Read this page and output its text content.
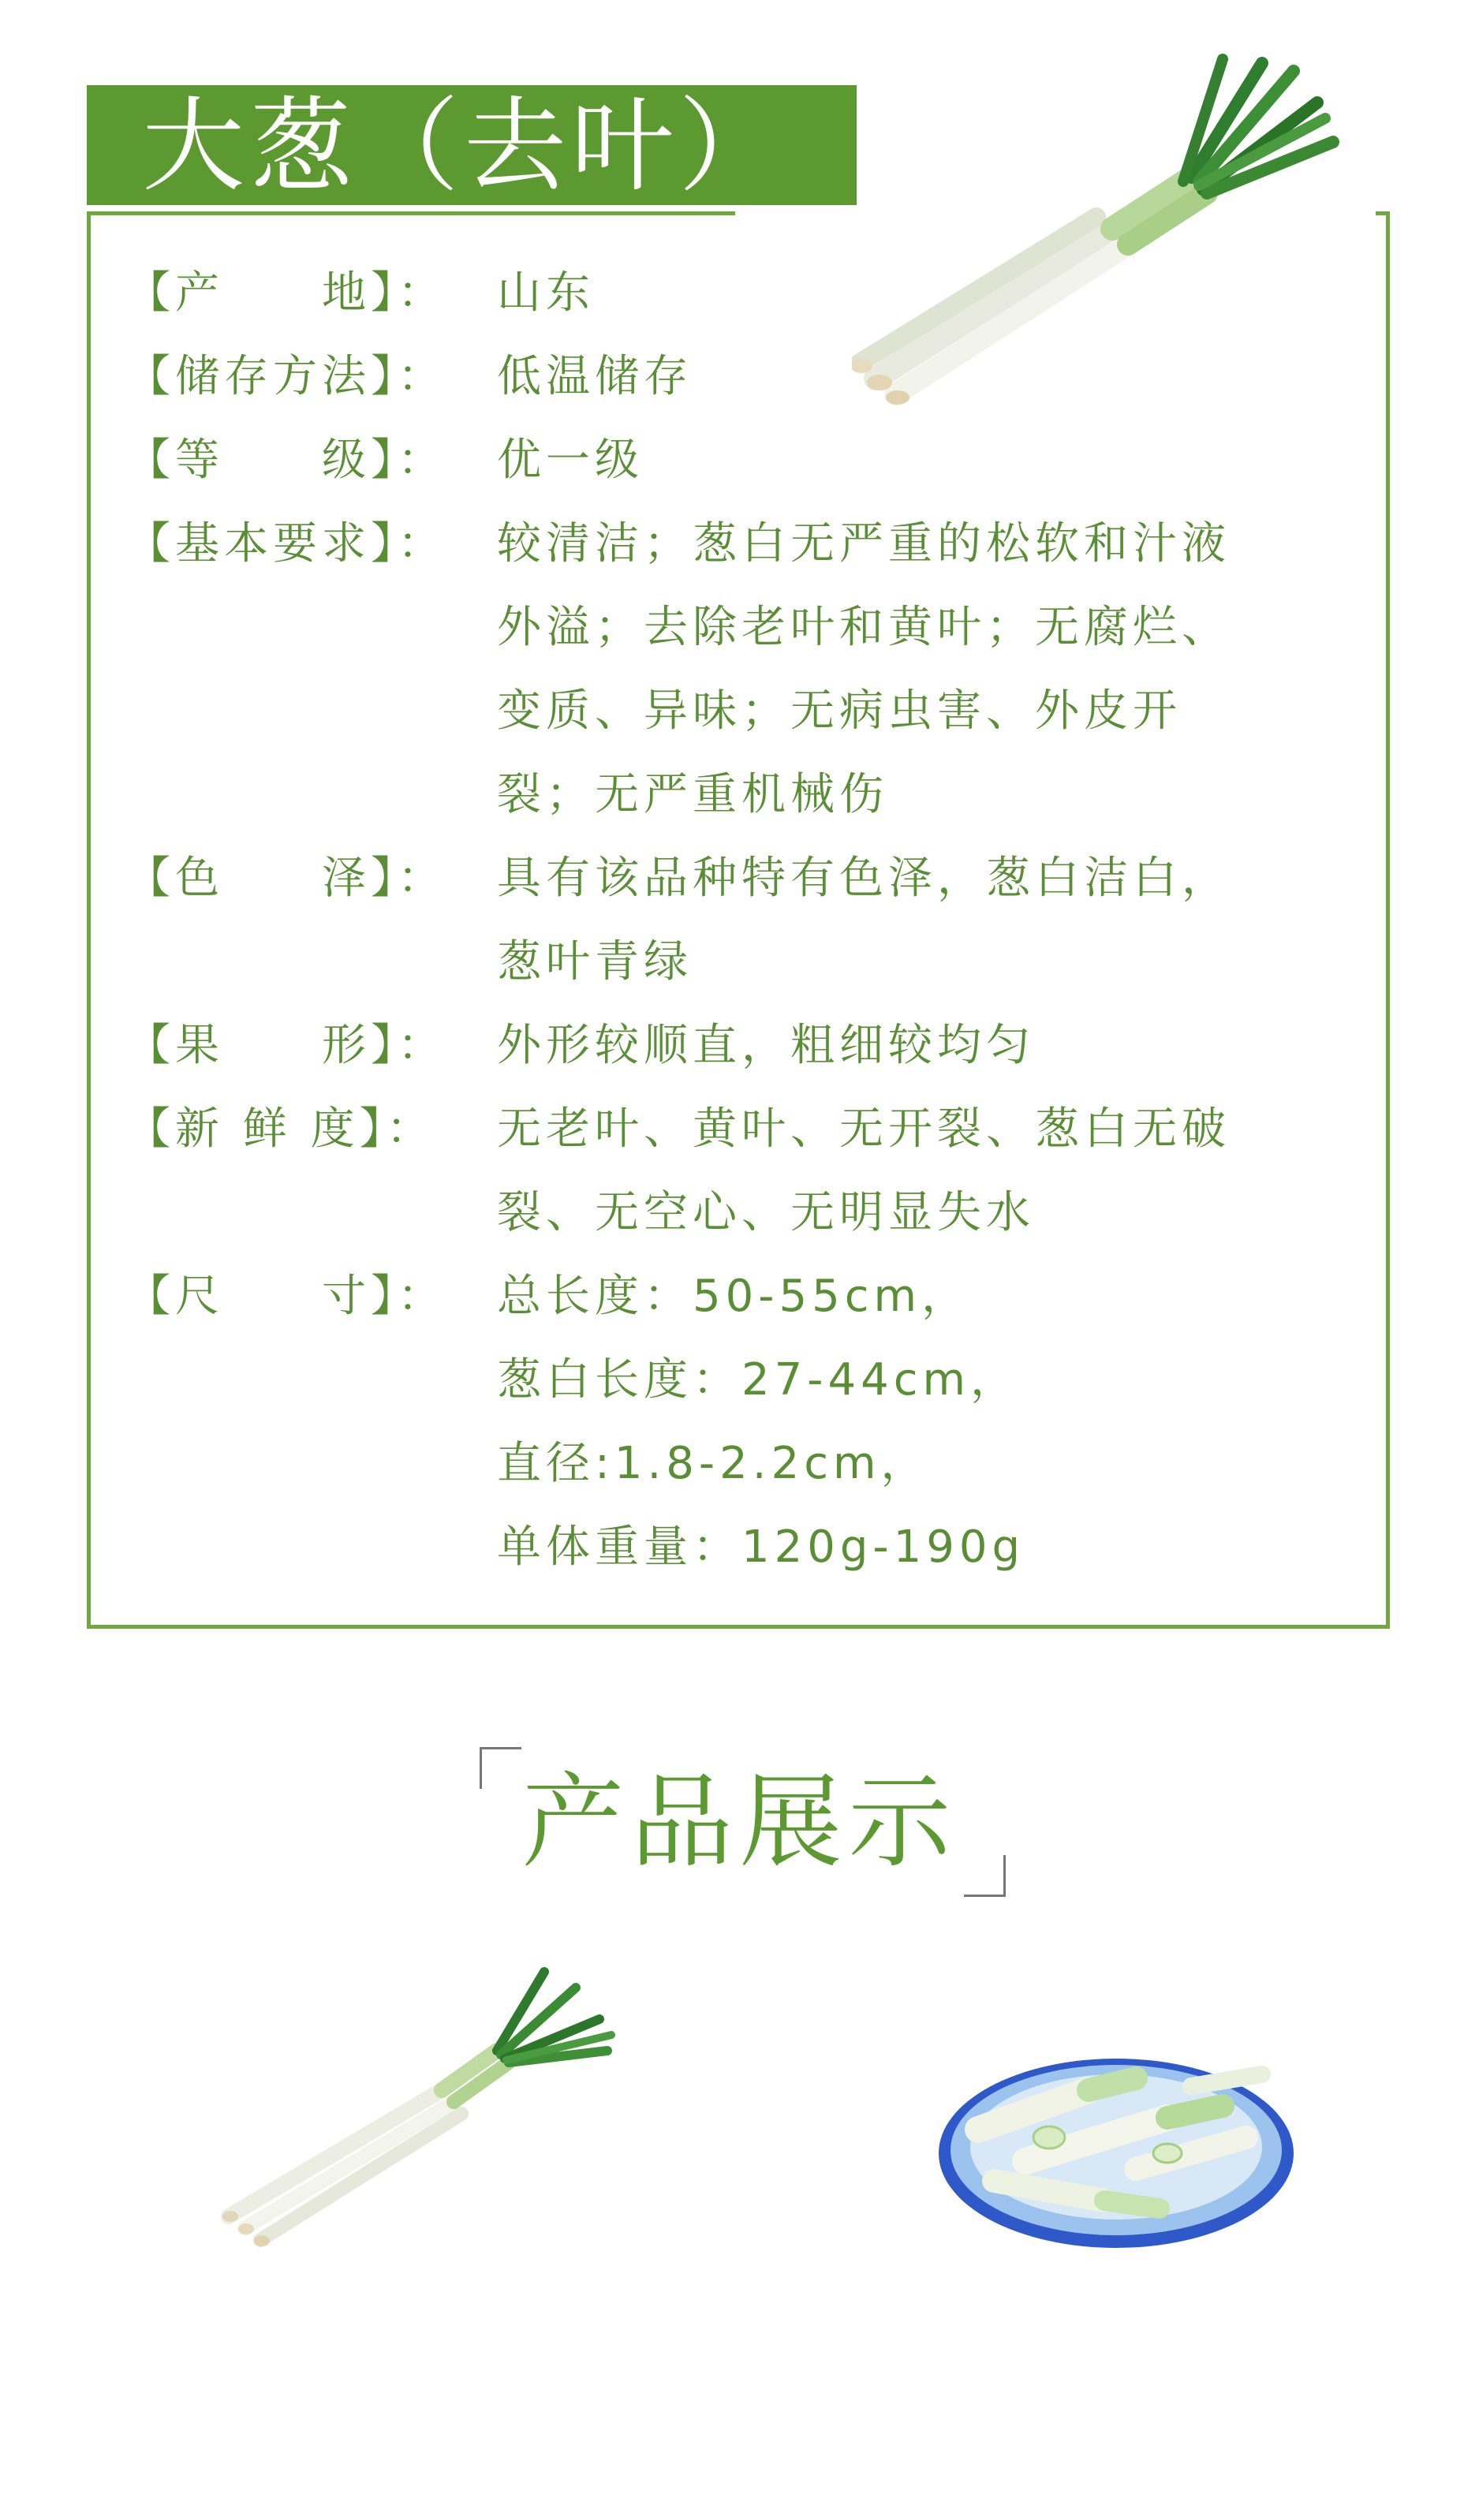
大葱（去叶）
【产　　地】：	山东
【储存方法】：	低温储存
【等　　级】：	优一级
【基本要求】：	较清洁；葱白无严重的松软和汁液
外溢；去除老叶和黄叶；无腐烂、
变质、异味；无病虫害、外皮开
裂；无严重机械伤
【色　　泽】：	具有该品种特有色泽，葱白洁白，
葱叶青绿
【果　　形】：	外形较顺直，粗细较均匀
【新 鲜 度】：	无老叶、黄叶、无开裂、葱白无破
裂、无空心、无明显失水
【尺　　寸】：	总长度：50-55cm，
葱白长度：27-44cm，
直径:1.8-2.2cm，
单体重量：120g-190g
产品展示
